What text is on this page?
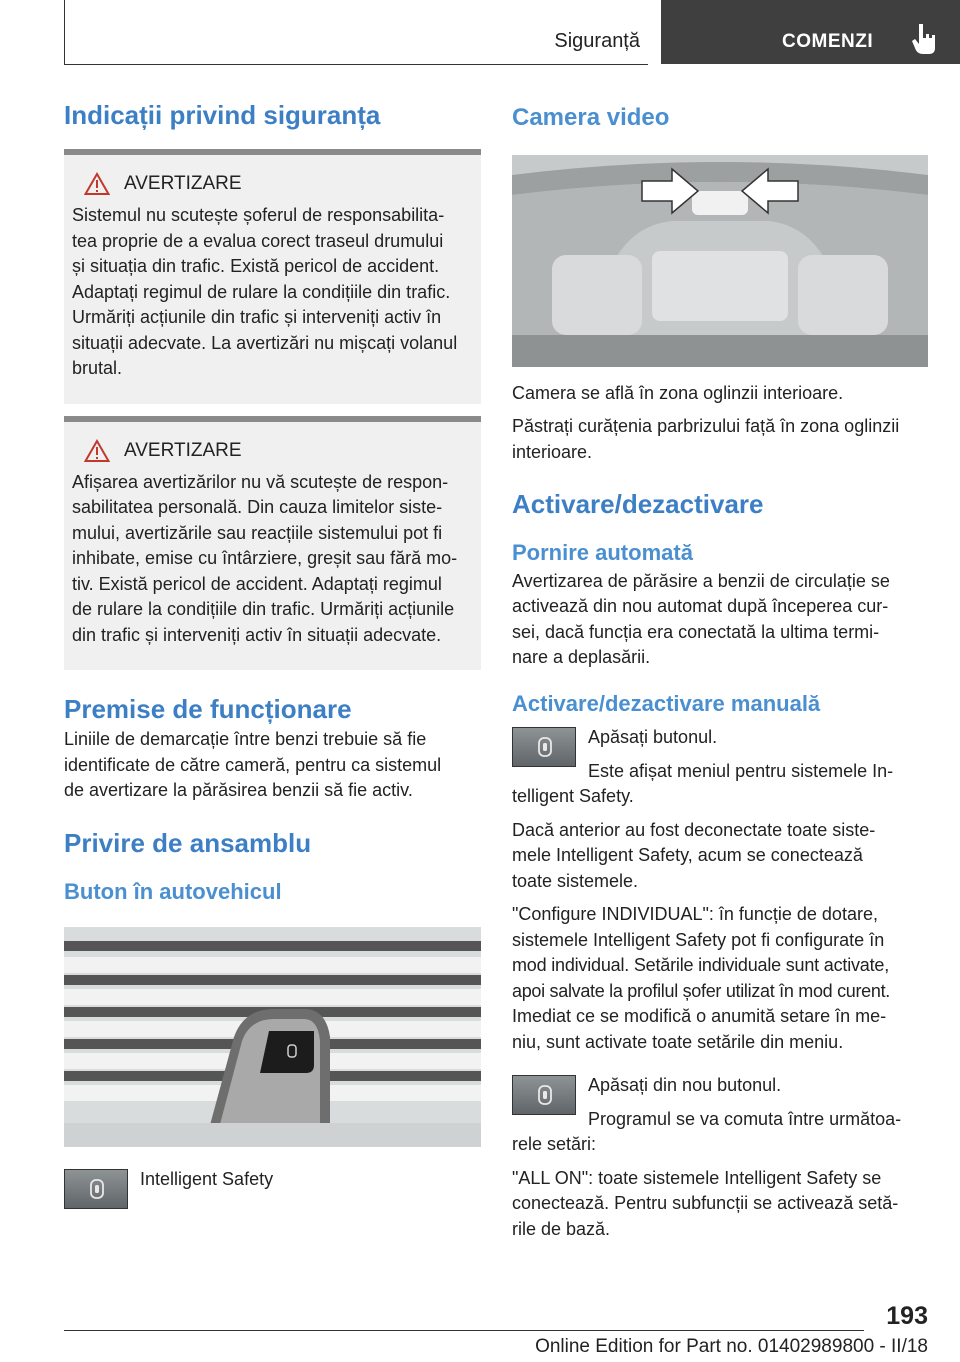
Siguranță	COMENZI
Indicații privind siguranța
AVERTIZARE

Sistemul nu scutește șoferul de responsabilita-

tea proprie de a evalua corect traseul drumului

și situația din trafic. Există pericol de accident.

Adaptați regimul de rulare la condițiile din trafic.

Urmăriți acțiunile din trafic și interveniți activ în

situații adecvate. La avertizări nu mișcați volanul

brutal.

AVERTIZARE

Afișarea avertizărilor nu vă scutește de respon-

sabilitatea personală. Din cauza limitelor siste-

mului, avertizările sau reacțiile sistemului pot fi

inhibate, emise cu întârziere, greșit sau fără mo-

tiv. Există pericol de accident. Adaptați regimul

de rulare la condițiile din trafic. Urmăriți acțiunile

din trafic și interveniți activ în situații adecvate.

Premise de funcționare

Liniile de demarcație între benzi trebuie să fie

identificate de către cameră, pentru ca sistemul

de avertizare la părăsirea benzii să fie activ.

Privire de ansamblu
Buton în autovehicul

Intelligent Safety

Camera video

Camera se află în zona oglinzii interioare.

Păstrați curățenia parbrizului față în zona oglinzii

interioare.

Activare/dezactivare
Pornire automată

Avertizarea de părăsire a benzii de circulație se

activează din nou automat după începerea cur-

sei, dacă funcția era conectată la ultima termi-

nare a deplasării.

Activare/dezactivare manuală

Apăsați butonul.

Este afișat meniul pentru sistemele In-

telligent Safety.

Dacă anterior au fost deconectate toate siste-

mele Intelligent Safety, acum se conectează

toate sistemele.

"Configure INDIVIDUAL": în funcție de dotare,

sistemele Intelligent Safety pot fi configurate în

mod individual. Setările individuale sunt activate,

apoi salvate la profilul șofer utilizat în mod curent.

Imediat ce se modifică o anumită setare în me-

niu, sunt activate toate setările din meniu.

Apăsați din nou butonul.

Programul se va comuta între următoa-

rele setări:

"ALL ON": toate sistemele Intelligent Safety se

conectează. Pentru subfuncții se activează setă-

rile de bază.

193
Online Edition for Part no. 01402989800 - II/18
